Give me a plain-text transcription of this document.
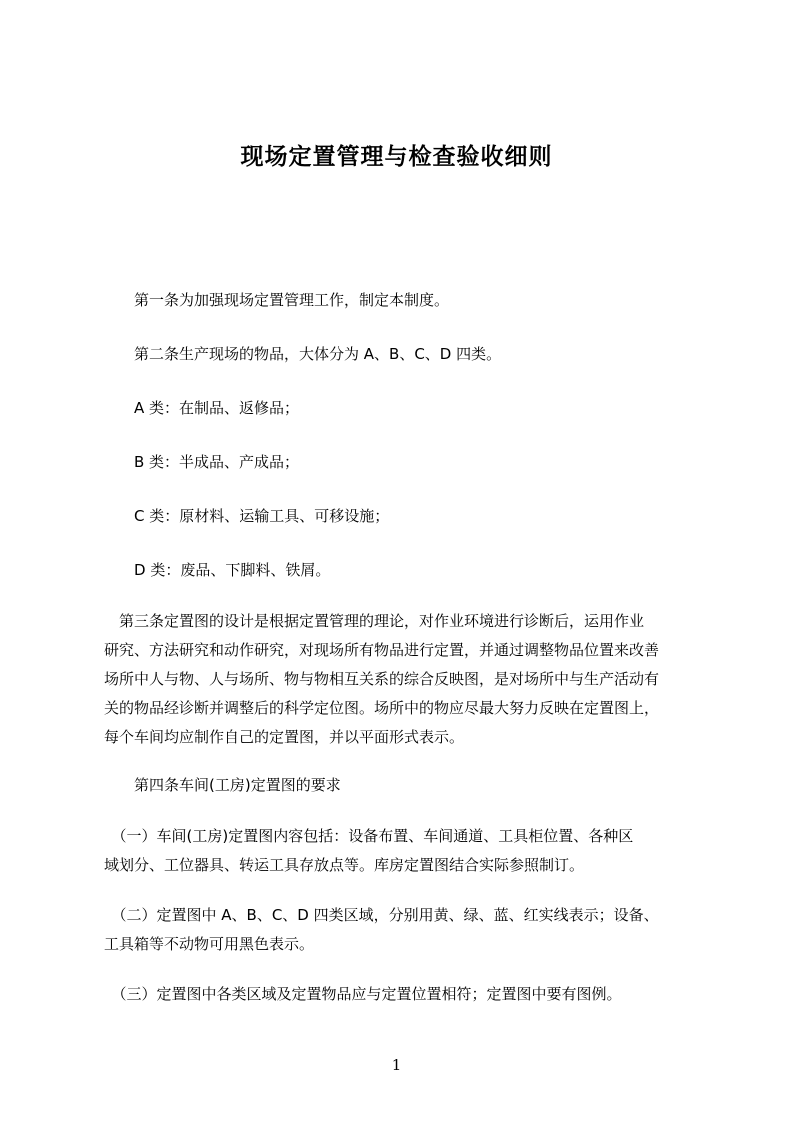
现场定置管理与检查验收细则

第一条为加强现场定置管理工作，制定本制度。

第二条生产现场的物品，大体分为 A、B、C、D 四类。

A 类：在制品、返修品；

B 类：半成品、产成品；

C 类：原材料、运输工具、可移设施；

D 类：废品、下脚料、铁屑。

　第三条定置图的设计是根据定置管理的理论，对作业环境进行诊断后，运用作业
研究、方法研究和动作研究，对现场所有物品进行定置，并通过调整物品位置来改善
场所中人与物、人与场所、物与物相互关系的综合反映图，是对场所中与生产活动有
关的物品经诊断并调整后的科学定位图。场所中的物应尽最大努力反映在定置图上，
每个车间均应制作自己的定置图，并以平面形式表示。

第四条车间(工房)定置图的要求

　（一）车间(工房)定置图内容包括：设备布置、车间通道、工具柜位置、各种区
域划分、工位器具、转运工具存放点等。库房定置图结合实际参照制订。

　（二）定置图中 A、B、C、D 四类区域，分别用黄、绿、蓝、红实线表示；设备、
工具箱等不动物可用黑色表示。

　（三）定置图中各类区域及定置物品应与定置位置相符；定置图中要有图例。

1
